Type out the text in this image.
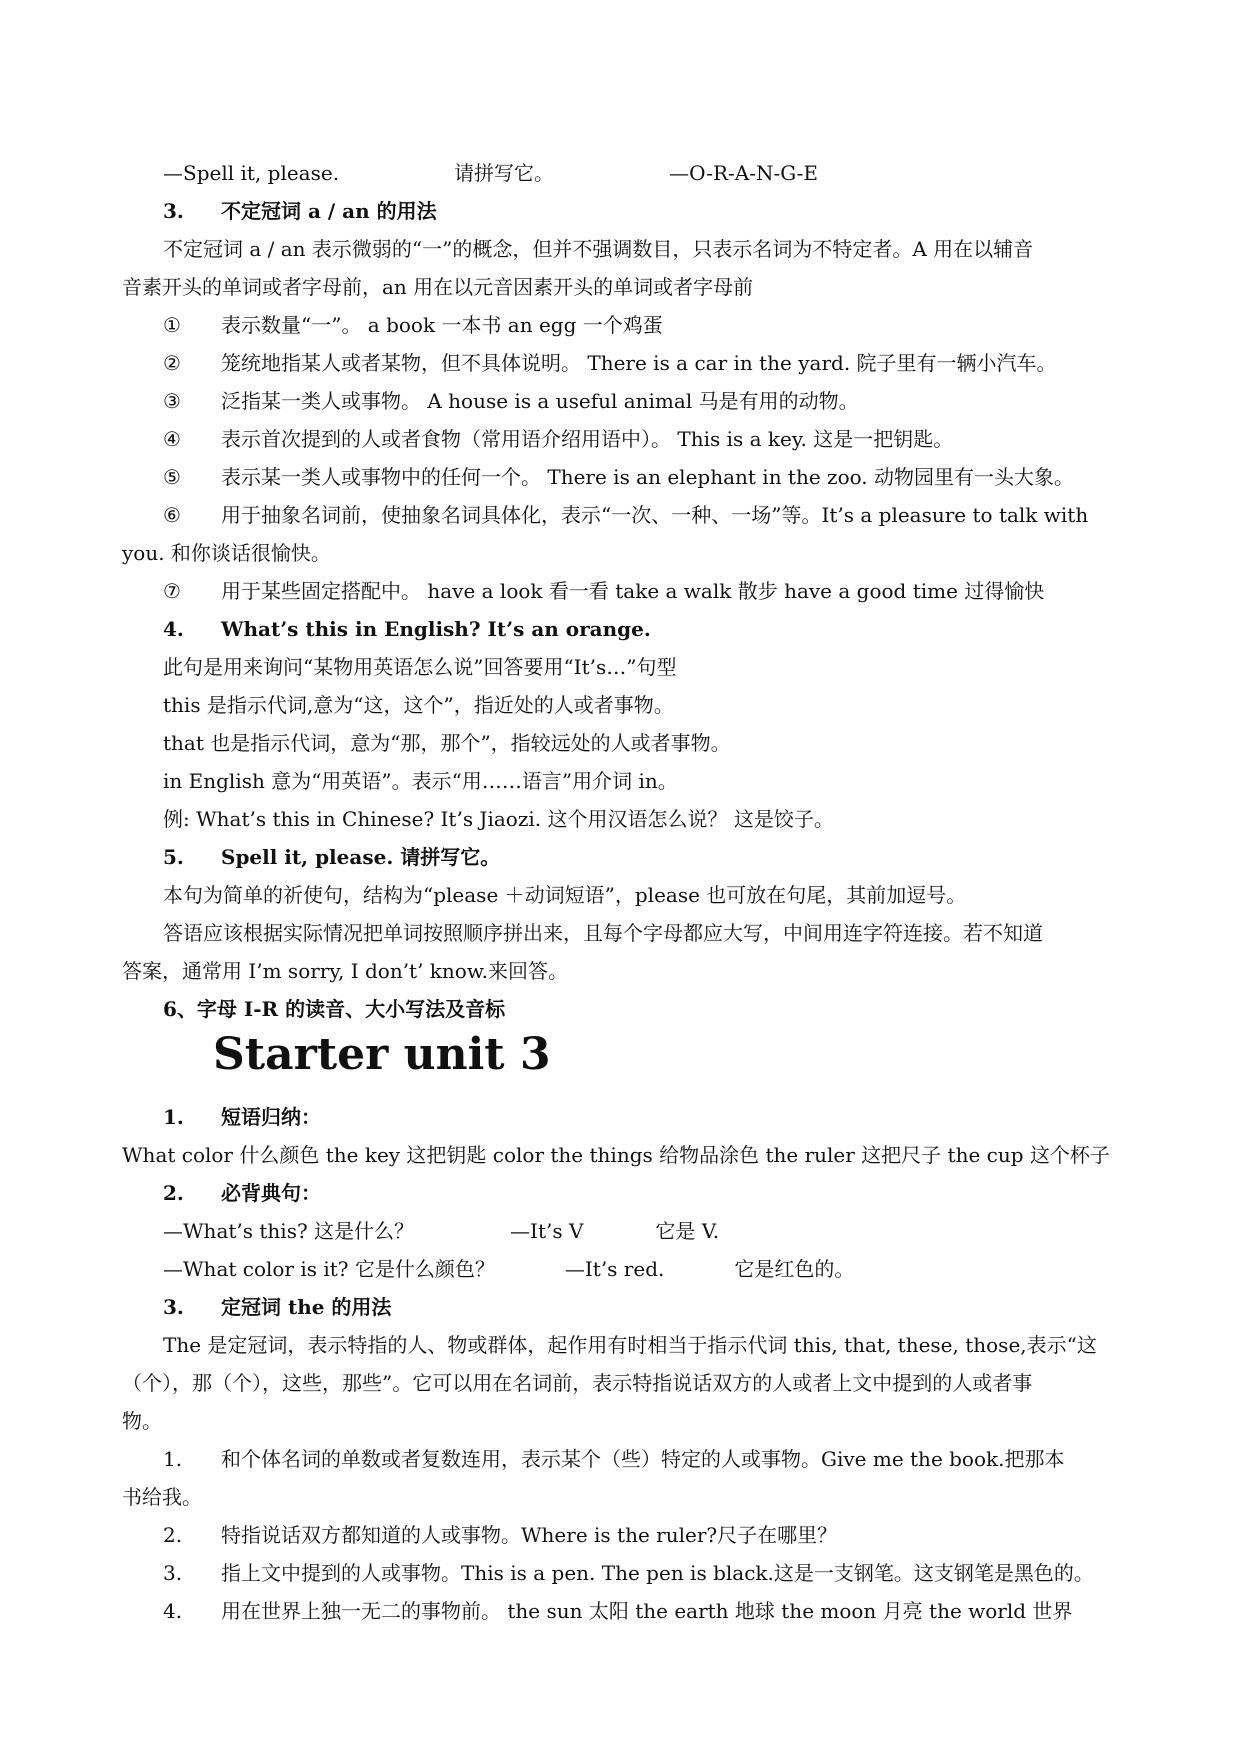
—Spell it, please.	请拼写它。	—O-R-A-N-G-E
3. 不定冠词 a / an 的用法
不定冠词 a / an 表示微弱的“一”的概念，但并不强调数目，只表示名词为不特定者。A 用在以辅音
音素开头的单词或者字母前，an 用在以元音因素开头的单词或者字母前
① 表示数量“一”。 a book 一本书 an egg 一个鸡蛋
② 笼统地指某人或者某物，但不具体说明。 There is a car in the yard. 院子里有一辆小汽车。
③ 泛指某一类人或事物。 A house is a useful animal 马是有用的动物。
④ 表示首次提到的人或者食物（常用语介绍用语中）。 This is a key. 这是一把钥匙。
⑤ 表示某一类人或事物中的任何一个。 There is an elephant in the zoo. 动物园里有一头大象。
⑥ 用于抽象名词前，使抽象名词具体化，表示“一次、一种、一场”等。It’s a pleasure to talk with
you. 和你谈话很愉快。
⑦ 用于某些固定搭配中。 have a look 看一看 take a walk 散步 have a good time 过得愉快
4. What’s this in English? It’s an orange.
此句是用来询问“某物用英语怎么说”回答要用“It’s…”句型
this 是指示代词,意为“这，这个”，指近处的人或者事物。
that 也是指示代词，意为“那，那个”，指较远处的人或者事物。
in English 意为“用英语”。表示“用……语言”用介词 in。
例: What’s this in Chinese? It’s Jiaozi. 这个用汉语怎么说？ 这是饺子。
5. Spell it, please. 请拼写它。
本句为简单的祈使句，结构为“please ＋动词短语”，please 也可放在句尾，其前加逗号。
答语应该根据实际情况把单词按照顺序拼出来，且每个字母都应大写，中间用连字符连接。若不知道
答案，通常用 I’m sorry, I don’t’ know.来回答。
6、字母 I-R 的读音、大小写法及音标
Starter unit 3
1. 短语归纳：
What color 什么颜色 the key 这把钥匙 color the things 给物品涂色 the ruler 这把尺子 the cup 这个杯子
2. 必背典句：
—What’s this? 这是什么？	—It’s V	它是 V.
—What color is it? 它是什么颜色？	—It’s red.	它是红色的。
3. 定冠词 the 的用法
The 是定冠词，表示特指的人、物或群体，起作用有时相当于指示代词 this, that, these, those,表示“这
（个），那（个），这些，那些”。它可以用在名词前，表示特指说话双方的人或者上文中提到的人或者事
物。
1. 和个体名词的单数或者复数连用，表示某个（些）特定的人或事物。Give me the book.把那本
书给我。
2. 特指说话双方都知道的人或事物。Where is the ruler?尺子在哪里？
3. 指上文中提到的人或事物。This is a pen. The pen is black.这是一支钢笔。这支钢笔是黑色的。
4. 用在世界上独一无二的事物前。 the sun 太阳 the earth 地球 the moon 月亮 the world 世界
